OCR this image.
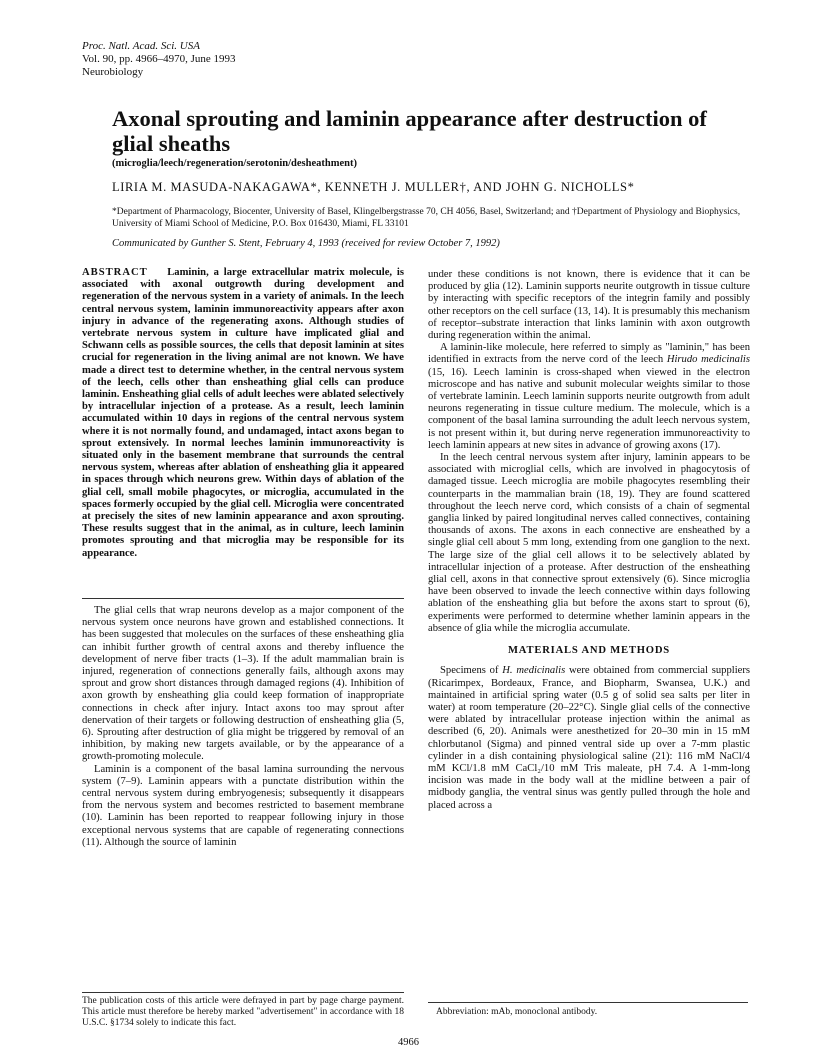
Proc. Natl. Acad. Sci. USA
Vol. 90, pp. 4966–4970, June 1993
Neurobiology
Axonal sprouting and laminin appearance after destruction of glial sheaths
(microglia/leech/regeneration/serotonin/desheathment)
LIRIA M. MASUDA-NAKAGAWA*, KENNETH J. MULLER†, AND JOHN G. NICHOLLS*
*Department of Pharmacology, Biocenter, University of Basel, Klingelbergstrasse 70, CH 4056, Basel, Switzerland; and †Department of Physiology and Biophysics, University of Miami School of Medicine, P.O. Box 016430, Miami, FL 33101
Communicated by Gunther S. Stent, February 4, 1993 (received for review October 7, 1992)

ABSTRACT Laminin, a large extracellular matrix molecule, is associated with axonal outgrowth during development and regeneration of the nervous system in a variety of animals. In the leech central nervous system, laminin immunoreactivity appears after axon injury in advance of the regenerating axons. Although studies of vertebrate nervous system in culture have implicated glial and Schwann cells as possible sources, the cells that deposit laminin at sites crucial for regeneration in the living animal are not known. We have made a direct test to determine whether, in the central nervous system of the leech, cells other than ensheathing glial cells can produce laminin. Ensheathing glial cells of adult leeches were ablated selectively by intracellular injection of a protease. As a result, leech laminin accumulated within 10 days in regions of the central nervous system where it is not normally found, and undamaged, intact axons began to sprout extensively. In normal leeches laminin immunoreactivity is situated only in the basement membrane that surrounds the central nervous system, whereas after ablation of ensheathing glia it appeared in spaces through which neurons grew. Within days of ablation of the glial cell, small mobile phagocytes, or microglia, accumulated in the spaces formerly occupied by the glial cell. Microglia were concentrated at precisely the sites of new laminin appearance and axon sprouting. These results suggest that in the animal, as in culture, leech laminin promotes sprouting and that microglia may be responsible for its appearance.

The glial cells that wrap neurons develop as a major component of the nervous system once neurons have grown and established connections. It has been suggested that molecules on the surfaces of these ensheathing glia can inhibit further growth of central axons and thereby influence the development of nerve fiber tracts (1–3). If the adult mammalian brain is injured, regeneration of connections generally fails, although axons may sprout and grow short distances through damaged regions (4). Inhibition of axon growth by ensheathing glia could keep formation of inappropriate connections in check after injury. Intact axons too may sprout after denervation of their targets or following destruction of ensheathing glia (5, 6). Sprouting after destruction of glia might be triggered by removal of an inhibition, by making new targets available, or by the appearance of a growth-promoting molecule.

Laminin is a component of the basal lamina surrounding the nervous system (7–9). Laminin appears with a punctate distribution within the central nervous system during embryogenesis; subsequently it disappears from the nervous system and becomes restricted to basement membrane (10). Laminin has been reported to reappear following injury in those exceptional nervous systems that are capable of regenerating connections (11). Although the source of laminin

under these conditions is not known, there is evidence that it can be produced by glia (12). Laminin supports neurite outgrowth in tissue culture by interacting with specific receptors of the integrin family and possibly other receptors on the cell surface (13, 14). It is presumably this mechanism of receptor–substrate interaction that links laminin with axon outgrowth during regeneration within the animal.

A laminin-like molecule, here referred to simply as "laminin," has been identified in extracts from the nerve cord of the leech Hirudo medicinalis (15, 16). Leech laminin is cross-shaped when viewed in the electron microscope and has native and subunit molecular weights similar to those of vertebrate laminin. Leech laminin supports neurite outgrowth from adult neurons regenerating in tissue culture medium. The molecule, which is a component of the basal lamina surrounding the adult leech nervous system, is not present within it, but during nerve regeneration immunoreactivity to leech laminin appears at new sites in advance of growing axons (17).

In the leech central nervous system after injury, laminin appears to be associated with microglial cells, which are involved in phagocytosis of damaged tissue. Leech microglia are mobile phagocytes resembling their counterparts in the mammalian brain (18, 19). They are found scattered throughout the leech nerve cord, which consists of a chain of segmental ganglia linked by paired longitudinal nerves called connectives, containing thousands of axons. The axons in each connective are ensheathed by a single glial cell about 5 mm long, extending from one ganglion to the next. The large size of the glial cell allows it to be selectively ablated by intracellular injection of a protease. After destruction of the ensheathing glial cell, axons in that connective sprout extensively (6). Since microglia have been observed to invade the leech connective within days following ablation of the ensheathing glia but before the axons start to sprout (6), experiments were performed to determine whether laminin appears in the absence of glia while the microglia accumulate.

MATERIALS AND METHODS

Specimens of H. medicinalis were obtained from commercial suppliers (Ricarimpex, Bordeaux, France, and Biopharm, Swansea, U.K.) and maintained in artificial spring water (0.5 g of solid sea salts per liter in water) at room temperature (20–22°C). Single glial cells of the connective were ablated by intracellular protease injection within the animal as described (6, 20). Animals were anesthetized for 20–30 min in 15 mM chlorbutanol (Sigma) and pinned ventral side up over a 7-mm plastic cylinder in a dish containing physiological saline (21): 116 mM NaCl/4 mM KCl/1.8 mM CaCl₂/10 mM Tris maleate, pH 7.4. A 1-mm-long incision was made in the body wall at the midline between a pair of midbody ganglia, the ventral sinus was gently pulled through the hole and placed across a

The publication costs of this article were defrayed in part by page charge payment. This article must therefore be hereby marked "advertisement" in accordance with 18 U.S.C. §1734 solely to indicate this fact.
Abbreviation: mAb, monoclonal antibody.
4966
